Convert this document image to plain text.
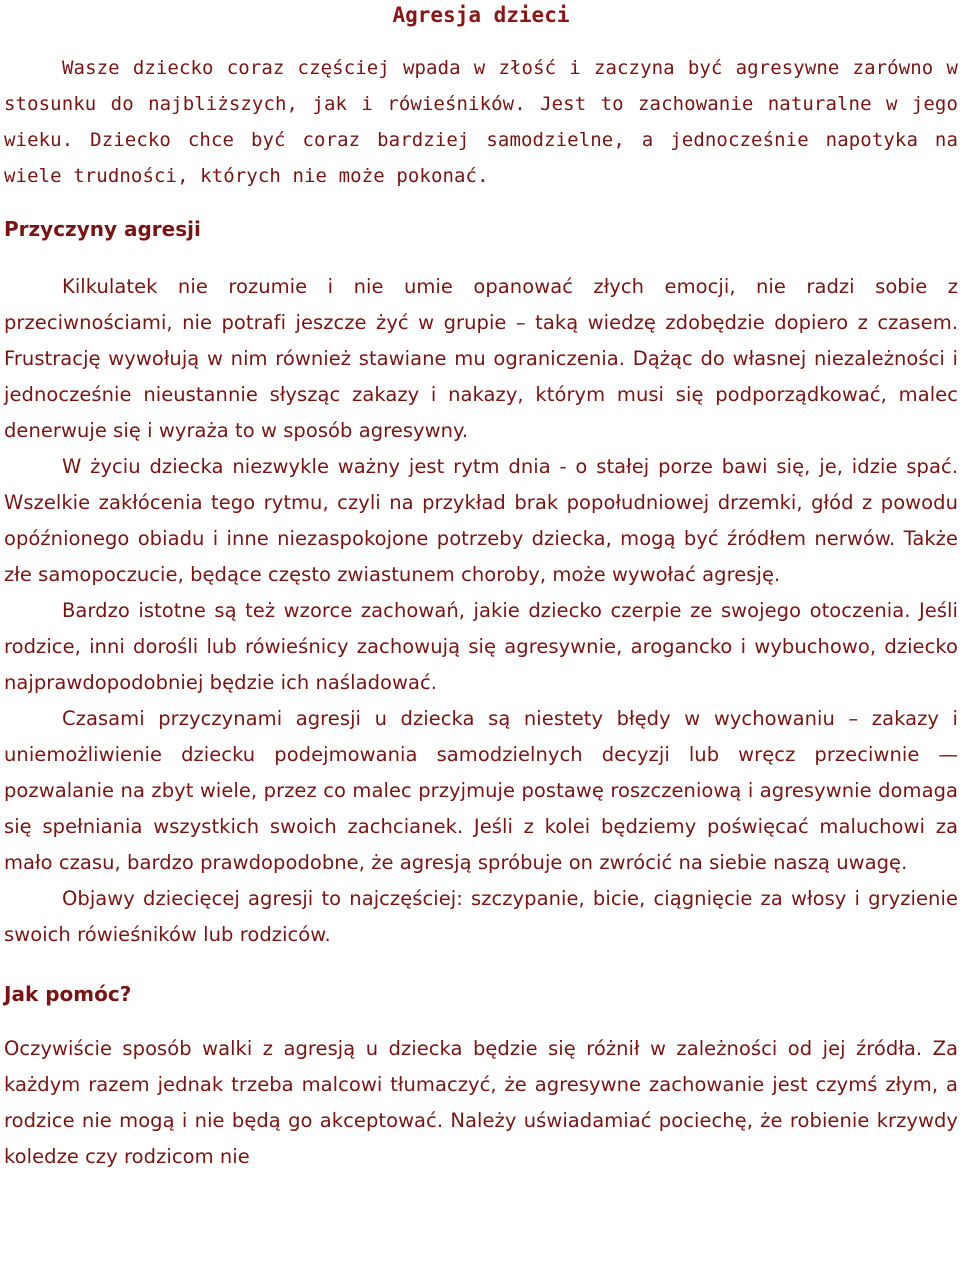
Agresja dzieci

Wasze dziecko coraz częściej wpada w złość i zaczyna być agresywne zarówno w stosunku do najbliższych, jak i rówieśników. Jest to zachowanie naturalne w jego wieku. Dziecko chce być coraz bardziej samodzielne, a jednocześnie napotyka na wiele trudności, których nie może pokonać.

Przyczyny agresji

Kilkulatek nie rozumie i nie umie opanować złych emocji, nie radzi sobie z przeciwnościami, nie potrafi jeszcze żyć w grupie – taką wiedzę zdobędzie dopiero z czasem. Frustrację wywołują w nim również stawiane mu ograniczenia. Dążąc do własnej niezależności i jednocześnie nieustannie słysząc zakazy i nakazy, którym musi się podporządkować, malec denerwuje się i wyraża to w sposób agresywny.

W życiu dziecka niezwykle ważny jest rytm dnia - o stałej porze bawi się, je, idzie spać. Wszelkie zakłócenia tego rytmu, czyli na przykład brak popołudniowej drzemki, głód z powodu opóźnionego obiadu i inne niezaspokojone potrzeby dziecka, mogą być źródłem nerwów. Także złe samopoczucie, będące często zwiastunem choroby, może wywołać agresję.

Bardzo istotne są też wzorce zachowań, jakie dziecko czerpie ze swojego otoczenia. Jeśli rodzice, inni dorośli lub rówieśnicy zachowują się agresywnie, arogancko i wybuchowo, dziecko najprawdopodobniej będzie ich naśladować.

Czasami przyczynami agresji u dziecka są niestety błędy w wychowaniu – zakazy i uniemożliwienie dziecku podejmowania samodzielnych decyzji lub wręcz przeciwnie — pozwalanie na zbyt wiele, przez co malec przyjmuje postawę roszczeniową i agresywnie domaga się spełniania wszystkich swoich zachcianek. Jeśli z kolei będziemy poświęcać maluchowi za mało czasu, bardzo prawdopodobne, że agresją spróbuje on zwrócić na siebie naszą uwagę.

Objawy dziecięcej agresji to najczęściej: szczypanie, bicie, ciągnięcie za włosy i gryzienie swoich rówieśników lub rodziców.

Jak pomóc?

Oczywiście sposób walki z agresją u dziecka będzie się różnił w zależności od jej źródła. Za każdym razem jednak trzeba malcowi tłumaczyć, że agresywne zachowanie jest czymś złym, a rodzice nie mogą i nie będą go akceptować. Należy uświadamiać pociechę, że robienie krzywdy koledze czy rodzicom nie
